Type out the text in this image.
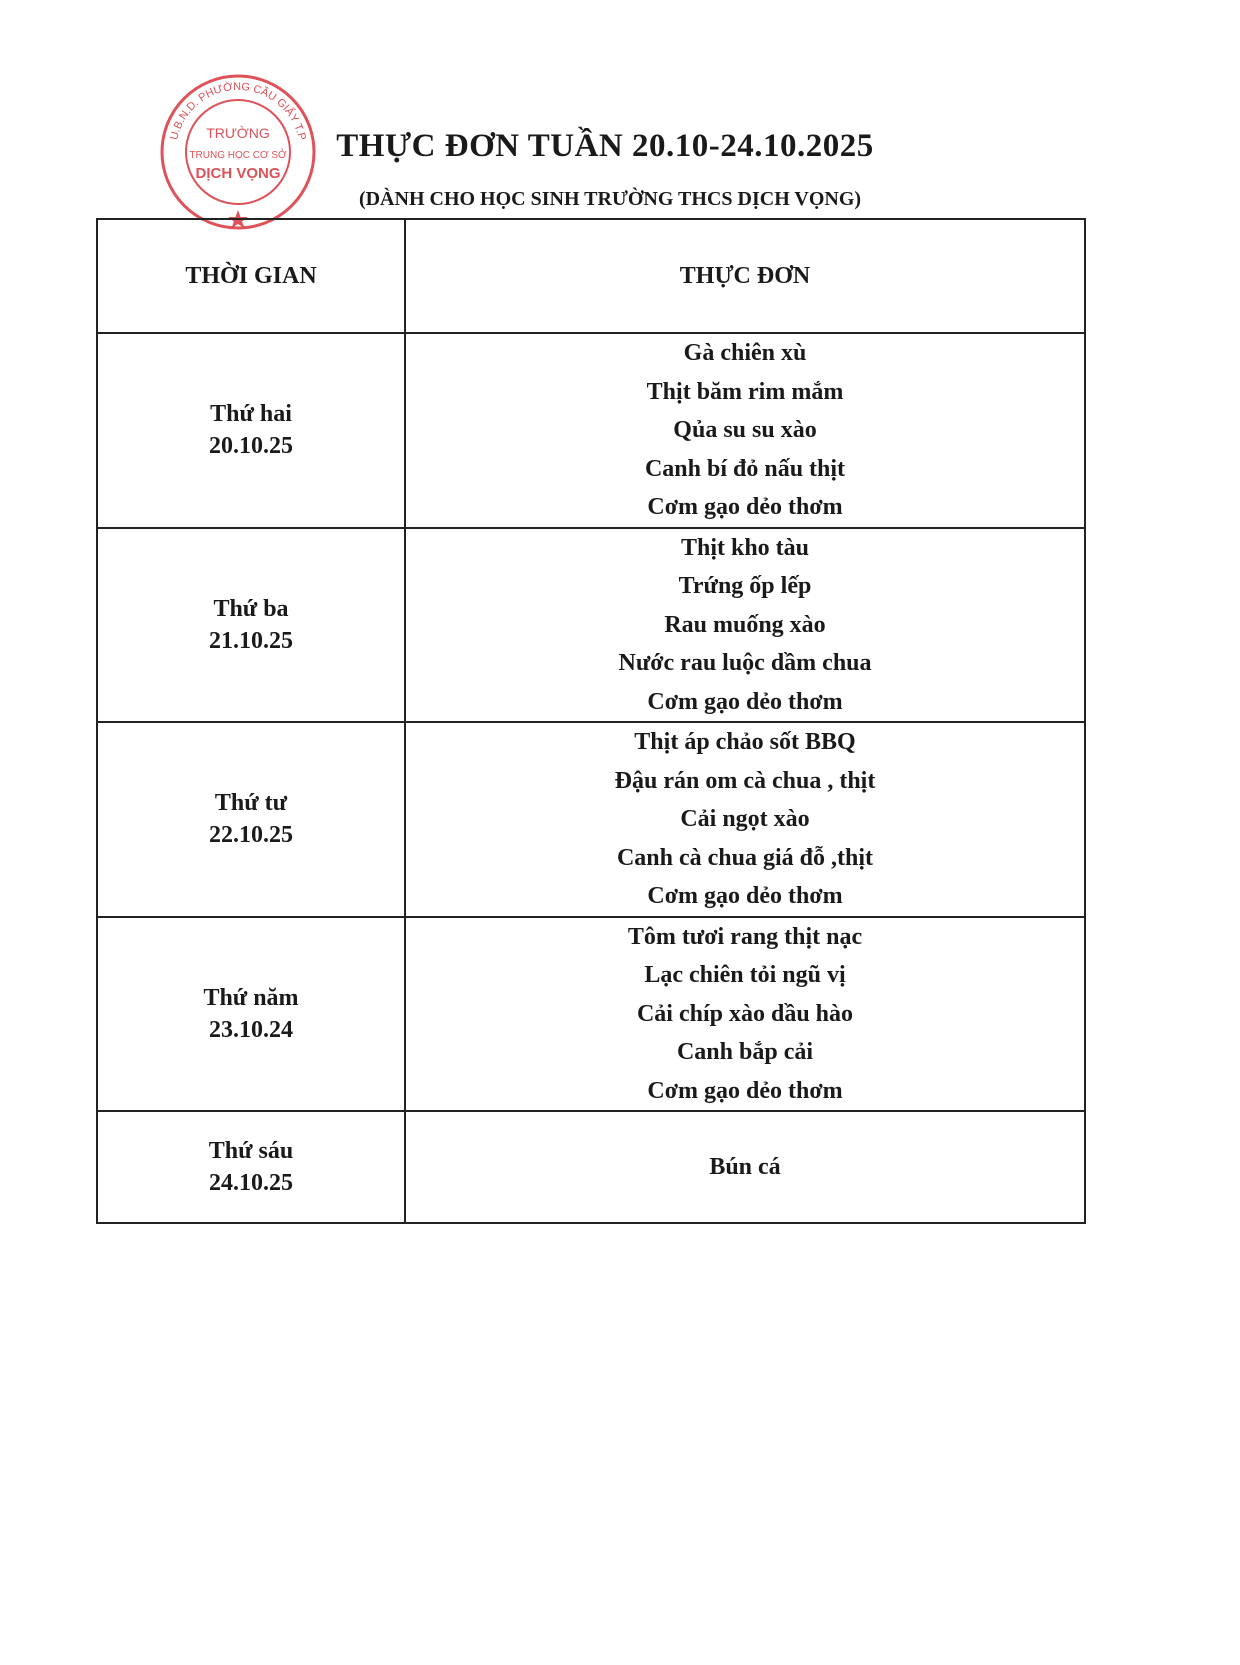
U.B.N.D. PHƯỜNG CẦU GIẤY T.P
TRƯỜNG
TRUNG HỌC CƠ SỞ
DỊCH VỌNG
THỰC ĐƠN TUẦN 20.10-24.10.2025
(DÀNH CHO HỌC SINH TRƯỜNG THCS DỊCH VỌNG)
THỜI GIAN	THỰC ĐƠN

Thứ hai
20.10.25	Gà chiên xù
Thịt băm rim mắm
Qủa su su xào
Canh bí đỏ nấu thịt
Cơm gạo dẻo thơm

Thứ ba
21.10.25	Thịt kho tàu
Trứng ốp lếp
Rau muống xào
Nước rau luộc dầm chua
Cơm gạo dẻo thơm

Thứ tư
22.10.25	Thịt áp chảo sốt BBQ
Đậu rán om cà chua , thịt
Cải ngọt xào
Canh cà chua giá đỗ ,thịt
Cơm gạo dẻo thơm

Thứ năm
23.10.24	Tôm tươi rang thịt nạc
Lạc chiên tỏi ngũ vị
Cải chíp xào dầu hào
Canh bắp cải
Cơm gạo dẻo thơm

Thứ sáu
24.10.25	Bún cá
